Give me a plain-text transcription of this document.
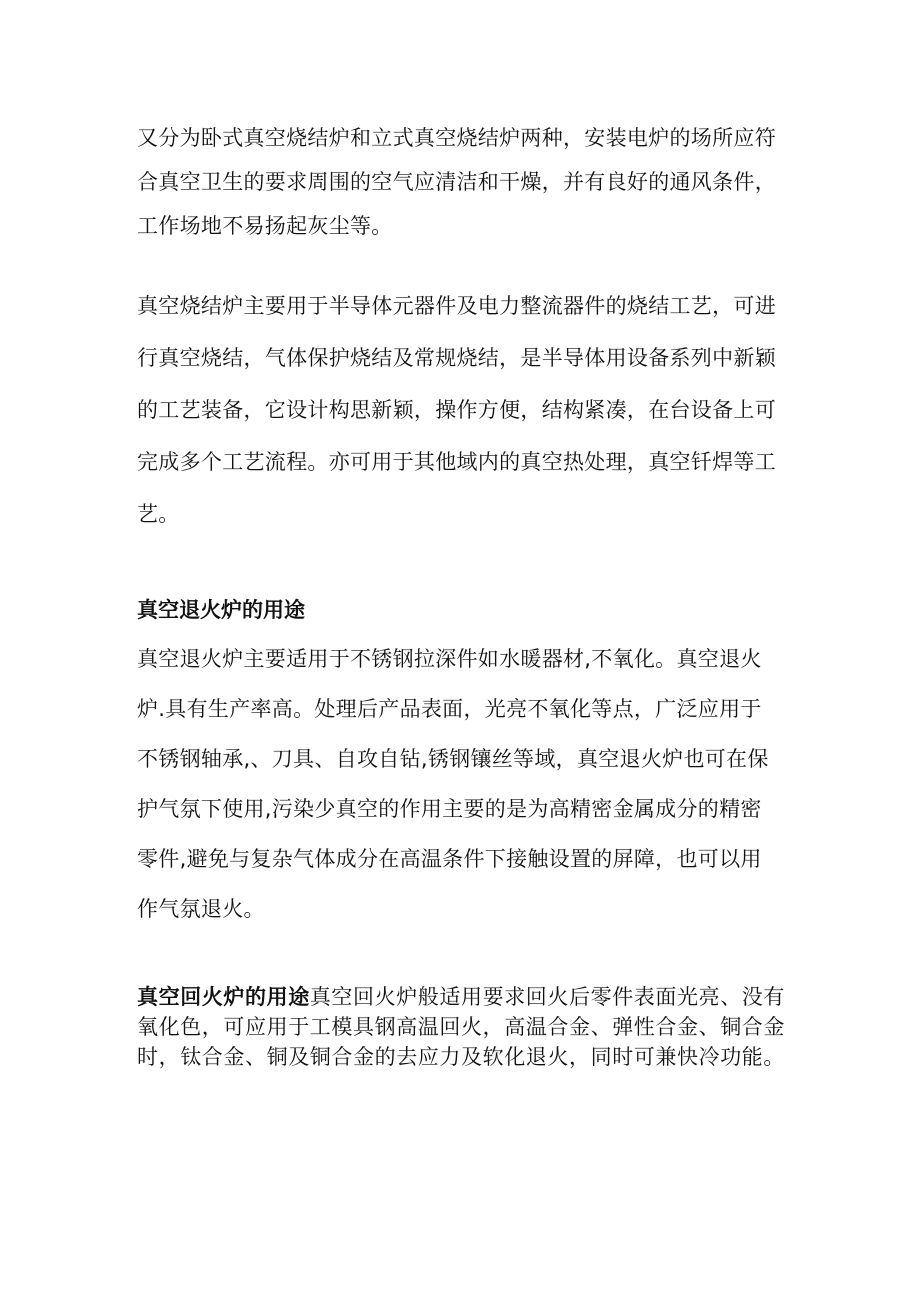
又分为卧式真空烧结炉和立式真空烧结炉两种，安装电炉的场所应符
合真空卫生的要求周围的空气应清洁和干燥，并有良好的通风条件，
工作场地不易扬起灰尘等。
真空烧结炉主要用于半导体元器件及电力整流器件的烧结工艺，可进
行真空烧结，气体保护烧结及常规烧结，是半导体用设备系列中新颖
的工艺装备，它设计构思新颖，操作方便，结构紧凑，在台设备上可
完成多个工艺流程。亦可用于其他域内的真空热处理，真空钎焊等工
艺。
真空退火炉的用途
真空退火炉主要适用于不锈钢拉深件如水暖器材,不氧化。真空退火
炉.具有生产率高。处理后产品表面，光亮不氧化等点，广泛应用于
不锈钢轴承,、刀具、自攻自钻,锈钢镶丝等域，真空退火炉也可在保
护气氛下使用,污染少真空的作用主要的是为高精密金属成分的精密
零件,避免与复杂气体成分在高温条件下接触设置的屏障，也可以用
作气氛退火。
真空回火炉的用途真空回火炉般适用要求回火后零件表面光亮、没有
氧化色，可应用于工模具钢高温回火，高温合金、弹性合金、铜合金
时，钛合金、铜及铜合金的去应力及软化退火，同时可兼快冷功能。
